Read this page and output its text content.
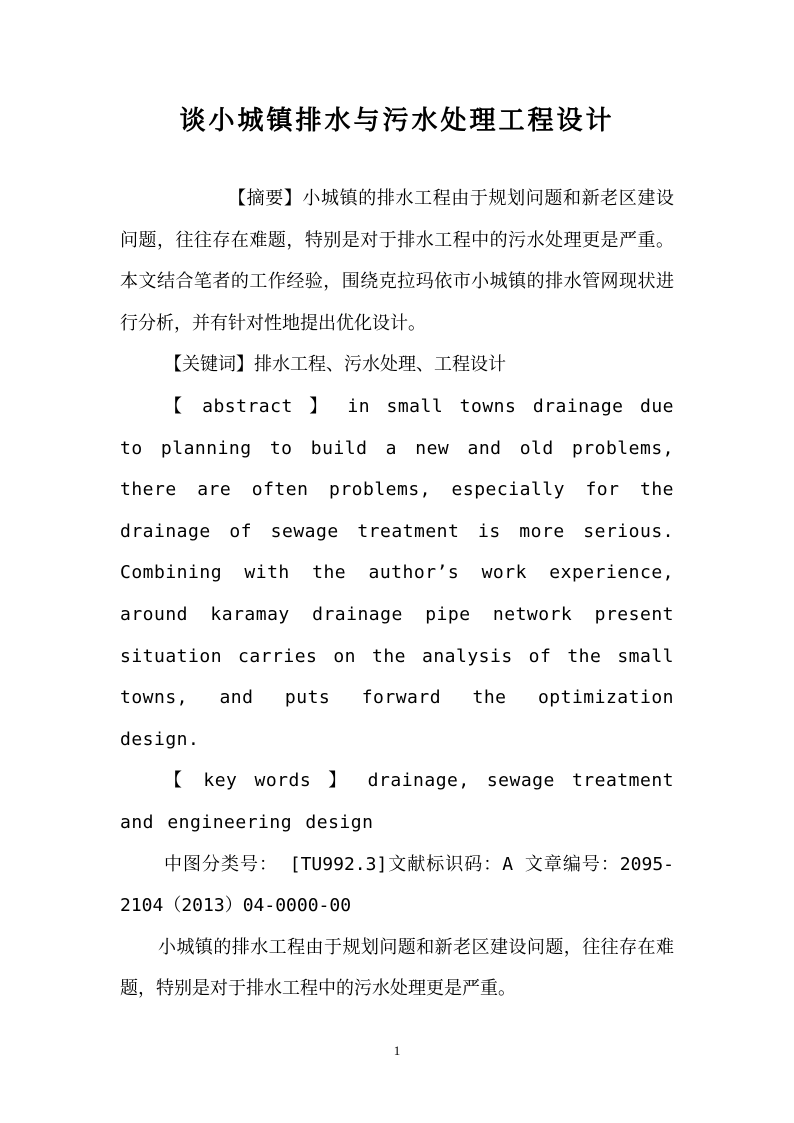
谈小城镇排水与污水处理工程设计

【摘要】小城镇的排水工程由于规划问题和新老区建设问题，往往存在难题，特别是对于排水工程中的污水处理更是严重。本文结合笔者的工作经验，围绕克拉玛依市小城镇的排水管网现状进行分析，并有针对性地提出优化设计。

【关键词】排水工程、污水处理、工程设计

【 abstract 】 in small towns drainage due to planning to build a new and old problems, there are often problems, especially for the drainage of sewage treatment is more serious. Combining with the author’s work experience, around karamay drainage pipe network present situation carries on the analysis of the small towns, and puts forward the optimization design.

【 key words 】 drainage, sewage treatment and engineering design

中图分类号： [TU992.3]文献标识码：A 文章编号：2095-2104（2013）04-0000-00

小城镇的排水工程由于规划问题和新老区建设问题，往往存在难题，特别是对于排水工程中的污水处理更是严重。

1
